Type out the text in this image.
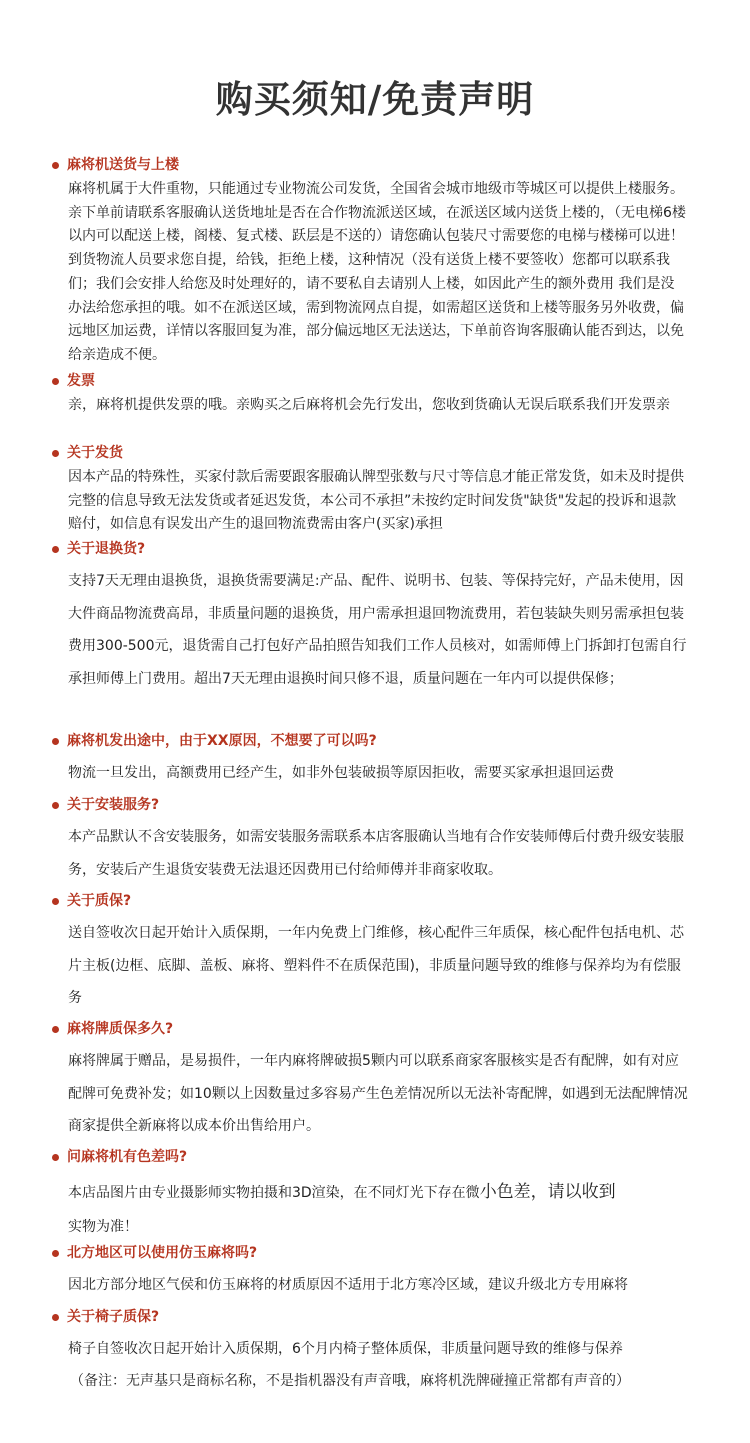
购买须知/免责声明
麻将机送货与上楼

麻将机属于大件重物，只能通过专业物流公司发货，全国省会城市地级市等城区可以提供上楼服务。亲下单前请联系客服确认送货地址是否在合作物流派送区域，在派送区域内送货上楼的，（无电梯6楼以内可以配送上楼，阁楼、复式楼、跃层是不送的）请您确认包装尺寸需要您的电梯与楼梯可以进！到货物流人员要求您自提，给钱，拒绝上楼，这种情况（没有送货上楼不要签收）您都可以联系我们；我们会安排人给您及时处理好的，请不要私自去请别人上楼，如因此产生的额外费用 我们是没办法给您承担的哦。如不在派送区域，需到物流网点自提，如需超区送货和上楼等服务另外收费，偏远地区加运费，详情以客服回复为准，部分偏远地区无法送达，下单前咨询客服确认能否到达，以免给亲造成不便。

发票

亲，麻将机提供发票的哦。亲购买之后麻将机会先行发出，您收到货确认无误后联系我们开发票亲

关于发货

因本产品的特殊性，买家付款后需要跟客服确认牌型张数与尺寸等信息才能正常发货，如未及时提供完整的信息导致无法发货或者延迟发货，本公司不承担”未按约定时间发货"缺货"发起的投诉和退款赔付，如信息有误发出产生的退回物流费需由客户(买家)承担

关于退换货?

支持7天无理由退换货，退换货需要满足:产品、配件、说明书、包装、等保持完好，产品未使用，因大件商品物流费高昂，非质量问题的退换货，用户需承担退回物流费用，若包装缺失则另需承担包装费用300-500元，退货需自己打包好产品拍照告知我们工作人员核对，如需师傅上门拆卸打包需自行承担师傅上门费用。超出7天无理由退换时间只修不退，质量问题在一年内可以提供保修；

麻将机发出途中，由于XX原因，不想要了可以吗?

物流一旦发出，高额费用已经产生，如非外包装破损等原因拒收，需要买家承担退回运费

关于安装服务?

本产品默认不含安装服务，如需安装服务需联系本店客服确认当地有合作安装师傅后付费升级安装服务，安装后产生退货安装费无法退还因费用已付给师傅并非商家收取。

关于质保?

送自签收次日起开始计入质保期，一年内免费上门维修，核心配件三年质保，核心配件包括电机、芯片主板(边框、底脚、盖板、麻将、塑料件不在质保范围)，非质量问题导致的维修与保养均为有偿服务

麻将牌质保多久?

麻将牌属于赠品，是易损件，一年内麻将牌破损5颗内可以联系商家客服核实是否有配牌，如有对应配牌可免费补发；如10颗以上因数量过多容易产生色差情况所以无法补寄配牌，如遇到无法配牌情况商家提供全新麻将以成本价出售给用户。

问麻将机有色差吗?

本店品图片由专业摄影师实物拍摄和3D渲染，在不同灯光下存在微小色差，请以收到
实物为准！

北方地区可以使用仿玉麻将吗?

因北方部分地区气侯和仿玉麻将的材质原因不适用于北方寒冷区域，建议升级北方专用麻将

关于椅子质保?

椅子自签收次日起开始计入质保期，6个月内椅子整体质保，非质量问题导致的维修与保养

（备注：无声基只是商标名称，不是指机器没有声音哦，麻将机洗牌碰撞正常都有声音的）
